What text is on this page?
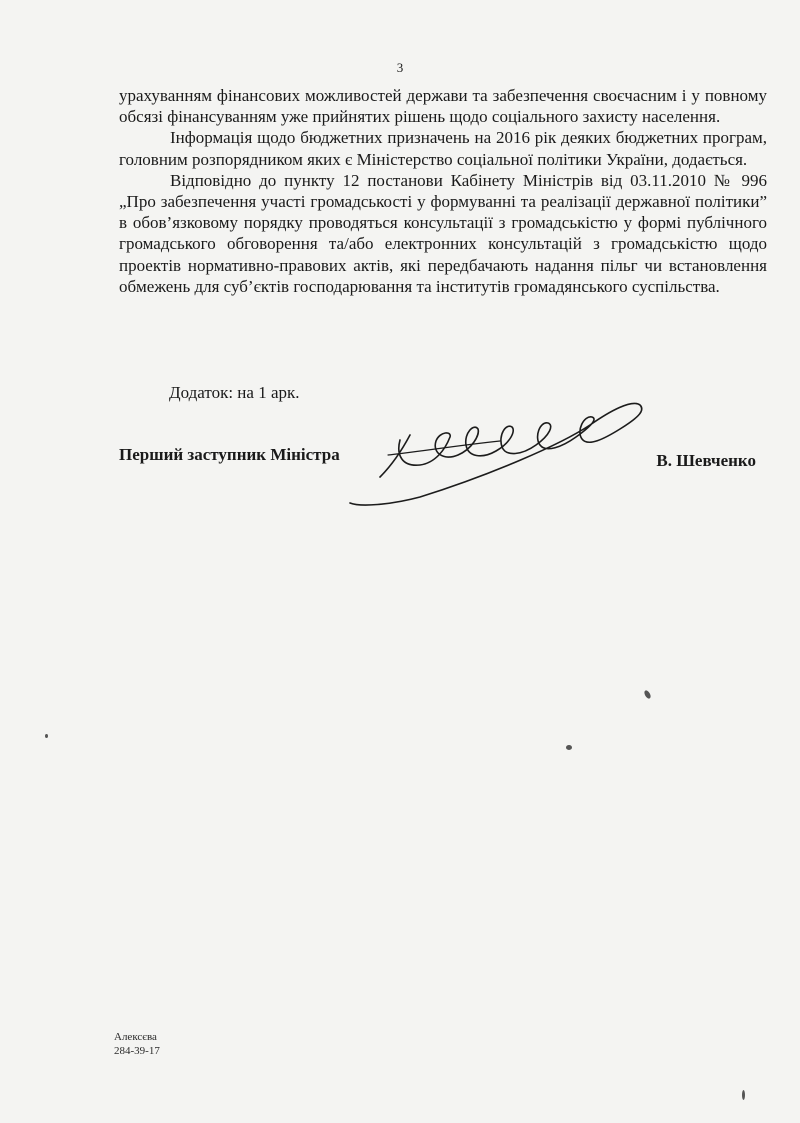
3

урахуванням фінансових можливостей держави та забезпечення своєчасним і у повному обсязі фінансуванням уже прийнятих рішень щодо соціального захисту населення.

Інформація щодо бюджетних призначень на 2016 рік деяких бюджетних програм, головним розпорядником яких є Міністерство соціальної політики України, додається.

Відповідно до пункту 12 постанови Кабінету Міністрів від 03.11.2010 № 996 „Про забезпечення участі громадськості у формуванні та реалізації державної політики” в обов’язковому порядку проводяться консультації з громадськістю у формі публічного громадського обговорення та/або електронних консультацій з громадськістю щодо проектів нормативно-правових актів, які передбачають надання пільг чи встановлення обмежень для суб’єктів господарювання та інститутів громадянського суспільства.

Додаток: на 1 арк.
Перший заступник Міністра	В. Шевченко
Алексєва
284-39-17
